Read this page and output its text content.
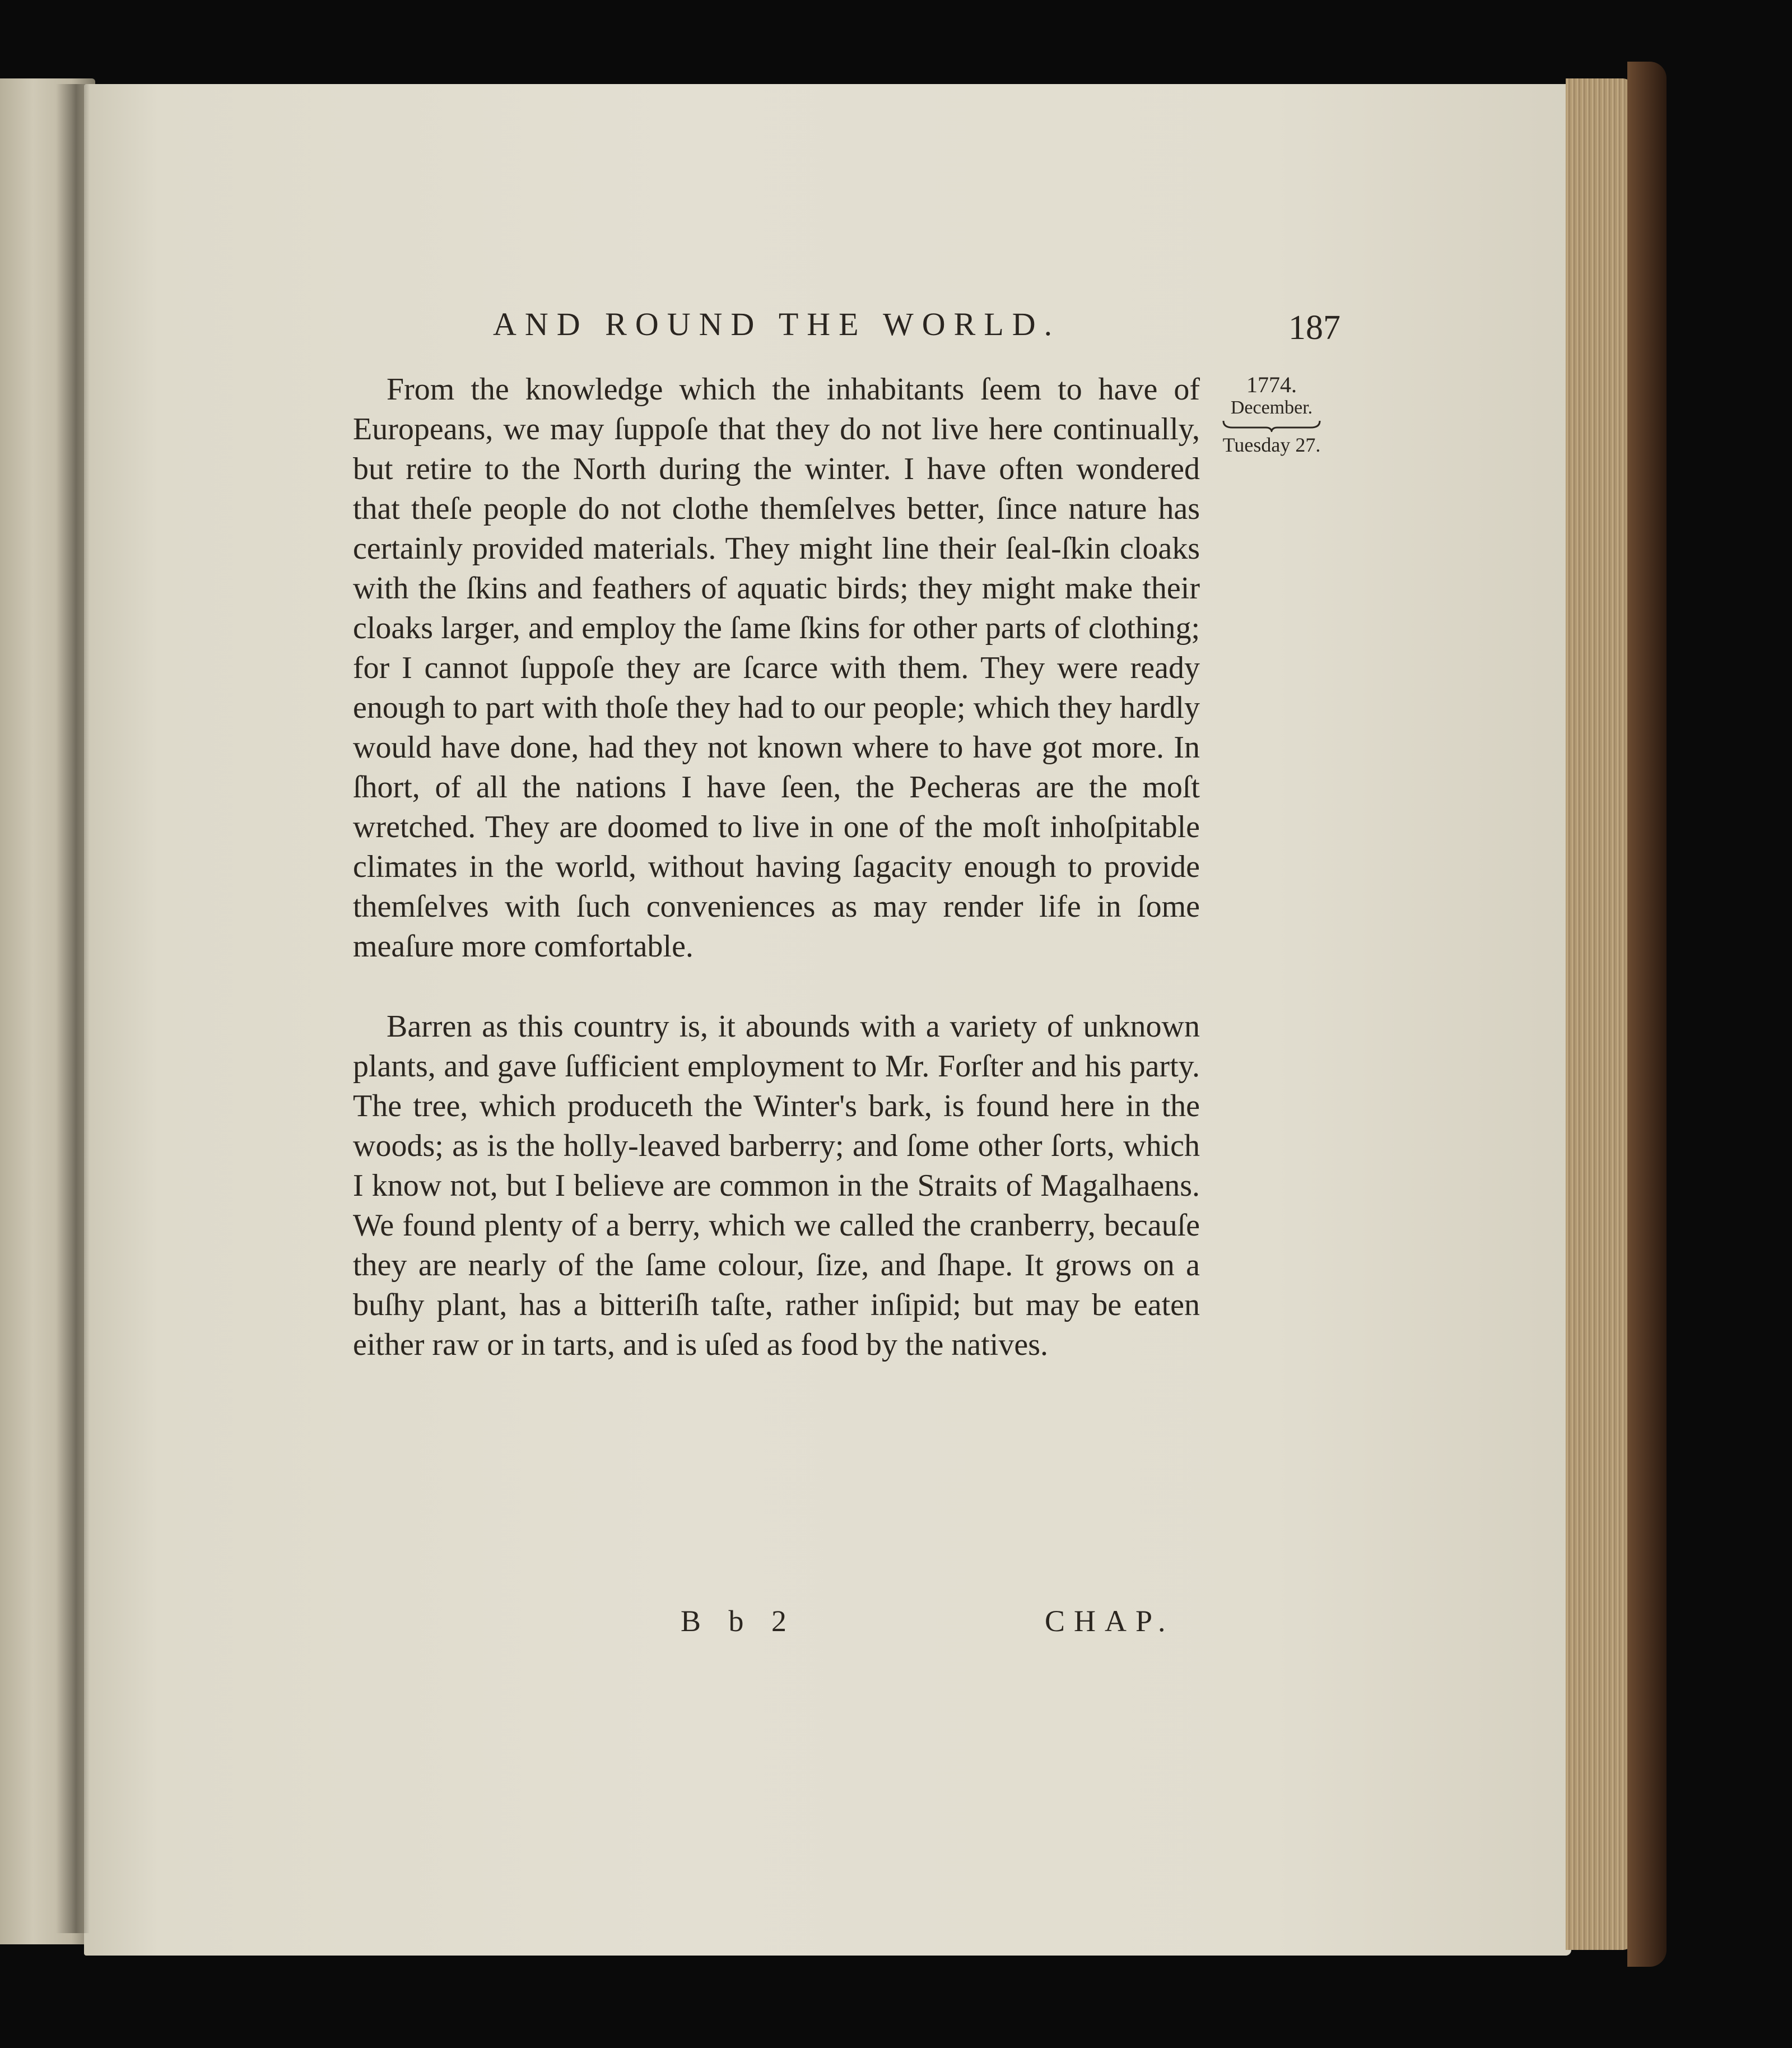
AND ROUND THE WORLD.	187
1774.
December.
Tuesday 27.

From the knowledge which the inhabitants ſeem to have of Europeans, we may ſuppoſe that they do not live here continually, but retire to the North during the winter. I have often wondered that theſe people do not clothe themſelves better, ſince nature has certainly provided materials. They might line their ſeal-ſkin cloaks with the ſkins and feathers of aquatic birds; they might make their cloaks larger, and employ the ſame ſkins for other parts of clothing; for I cannot ſuppoſe they are ſcarce with them. They were ready enough to part with thoſe they had to our people; which they hardly would have done, had they not known where to have got more. In ſhort, of all the nations I have ſeen, the Pecheras are the moſt wretched. They are doomed to live in one of the moſt inhoſpitable climates in the world, without having ſagacity enough to provide themſelves with ſuch conveniences as may render life in ſome meaſure more comfortable.

Barren as this country is, it abounds with a variety of unknown plants, and gave ſufficient employment to Mr. Forſter and his party. The tree, which produceth the Winter's bark, is found here in the woods; as is the holly-leaved barberry; and ſome other ſorts, which I know not, but I believe are common in the Straits of Magalhaens. We found plenty of a berry, which we called the cranberry, becauſe they are nearly of the ſame colour, ſize, and ſhape. It grows on a buſhy plant, has a bitteriſh taſte, rather inſipid; but may be eaten either raw or in tarts, and is uſed as food by the natives.

B b 2	CHAP.
